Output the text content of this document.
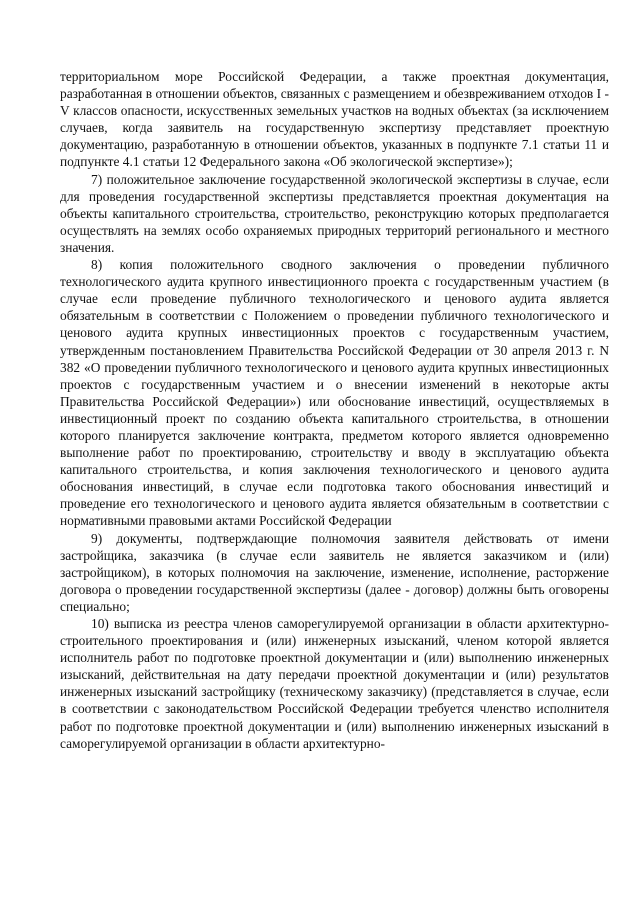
территориальном море Российской Федерации, а также проектная документация, разработанная в отношении объектов, связанных с размещением и обезвреживанием отходов I - V классов опасности, искусственных земельных участков на водных объектах (за исключением случаев, когда заявитель на государственную экспертизу представляет проектную документацию, разработанную в отношении объектов, указанных в подпункте 7.1 статьи 11 и подпункте 4.1 статьи 12 Федерального закона «Об экологической экспертизе»);

7) положительное заключение государственной экологической экспертизы в случае, если для проведения государственной экспертизы представляется проектная документация на объекты капитального строительства, строительство, реконструкцию которых предполагается осуществлять на землях особо охраняемых природных территорий регионального и местного значения.

8) копия положительного сводного заключения о проведении публичного технологического аудита крупного инвестиционного проекта с государственным участием (в случае если проведение публичного технологического и ценового аудита является обязательным в соответствии с Положением о проведении публичного технологического и ценового аудита крупных инвестиционных проектов с государственным участием, утвержденным постановлением Правительства Российской Федерации от 30 апреля 2013 г. N 382 «О проведении публичного технологического и ценового аудита крупных инвестиционных проектов с государственным участием и о внесении изменений в некоторые акты Правительства Российской Федерации») или обоснование инвестиций, осуществляемых в инвестиционный проект по созданию объекта капитального строительства, в отношении которого планируется заключение контракта, предметом которого является одновременно выполнение работ по проектированию, строительству и вводу в эксплуатацию объекта капитального строительства, и копия заключения технологического и ценового аудита обоснования инвестиций, в случае если подготовка такого обоснования инвестиций и проведение его технологического и ценового аудита является обязательным в соответствии с нормативными правовыми актами Российской Федерации

9) документы, подтверждающие полномочия заявителя действовать от имени застройщика, заказчика (в случае если заявитель не является заказчиком и (или) застройщиком), в которых полномочия на заключение, изменение, исполнение, расторжение договора о проведении государственной экспертизы (далее - договор) должны быть оговорены специально;

10) выписка из реестра членов саморегулируемой организации в области архитектурно-строительного проектирования и (или) инженерных изысканий, членом которой является исполнитель работ по подготовке проектной документации и (или) выполнению инженерных изысканий, действительная на дату передачи проектной документации и (или) результатов инженерных изысканий застройщику (техническому заказчику) (представляется в случае, если в соответствии с законодательством Российской Федерации требуется членство исполнителя работ по подготовке проектной документации и (или) выполнению инженерных изысканий в саморегулируемой организации в области архитектурно-
